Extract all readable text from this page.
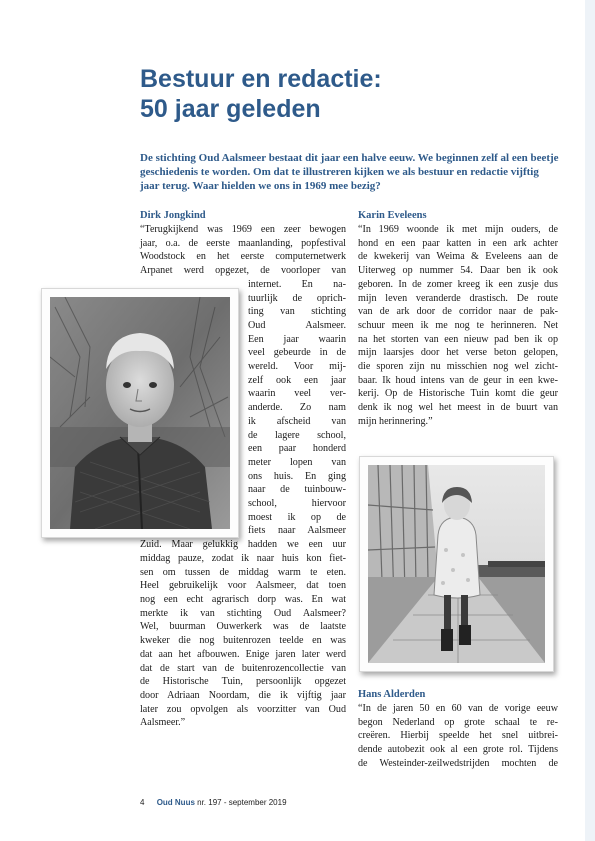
Bestuur en redactie:
50 jaar geleden

De stichting Oud Aalsmeer bestaat dit jaar een halve eeuw. We beginnen zelf al een beetje geschiedenis te worden. Om dat te illustreren kijken we als bestuur en redactie vijftig jaar terug. Waar hielden we ons in 1969 mee bezig?

Dirk Jongkind

“Terugkijkend was 1969 een zeer bewogen
jaar, o.a. de eerste maanlanding, popfestival
Woodstock en het eerste computernetwerk
Arpanet werd opgezet, de voorloper van
internet. En na-
tuurlijk de oprich-
ting van stichting
Oud Aalsmeer.
Een jaar waarin
veel gebeurde in de
wereld. Voor mij-
zelf ook een jaar
waarin veel ver-
anderde. Zo nam
ik afscheid van
de lagere school,
een paar honderd
meter lopen van
ons huis. En ging
naar de tuinbouw-
school, hiervoor
moest ik op de
fiets naar Aalsmeer
Zuid. Maar gelukkig hadden we een uur
middag pauze, zodat ik naar huis kon fiet-
sen om tussen de middag warm te eten.
Heel gebruikelijk voor Aalsmeer, dat toen
nog een echt agrarisch dorp was. En wat
merkte ik van stichting Oud Aalsmeer?
Wel, buurman Ouwerkerk was de laatste
kweker die nog buitenrozen teelde en was
dat aan het afbouwen. Enige jaren later werd
dat de start van de buitenrozencollectie van
de Historische Tuin, persoonlijk opgezet
door Adriaan Noordam, die ik vijftig jaar
later zou opvolgen als voorzitter van Oud
Aalsmeer.”

Karin Eveleens

“In 1969 woonde ik met mijn ouders, de
hond en een paar katten in een ark achter
de kwekerij van Weima & Eveleens aan de
Uiterweg op nummer 54. Daar ben ik ook
geboren. In de zomer kreeg ik een zusje dus
mijn leven veranderde drastisch. De route
van de ark door de corridor naar de pak-
schuur meen ik me nog te herinneren. Net
na het storten van een nieuw pad ben ik op
mijn laarsjes door het verse beton gelopen,
die sporen zijn nu misschien nog wel zicht-
baar. Ik houd intens van de geur in een kwe-
kerij. Op de Historische Tuin komt die geur
denk ik nog wel het meest in de buurt van
mijn herinnering.”

Hans Alderden

“In de jaren 50 en 60 van de vorige eeuw
begon Nederland op grote schaal te re-
creëren. Hierbij speelde het snel uitbrei-
dende autobezit ook al een grote rol. Tijdens
de Westeinder-zeilwedstrijden mochten de
4 Oud Nuus nr. 197 - september 2019
